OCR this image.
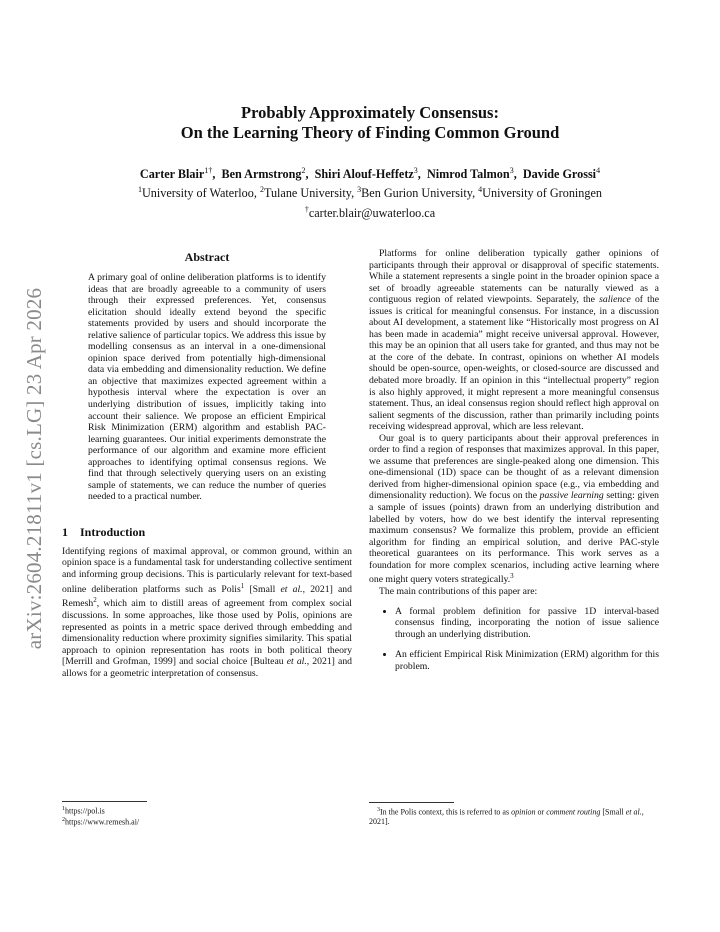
arXiv:2604.21811v1 [cs.LG] 23 Apr 2026
Probably Approximately Consensus:
On the Learning Theory of Finding Common Ground
Carter Blair$^{1\dagger}$,  Ben Armstrong$^2$,  Shiri Alouf-Heffetz$^3$,  Nimrod Talmon$^3$,  Davide Grossi$^4$
$^1$University of Waterloo, $^2$Tulane University, $^3$Ben Gurion University, $^4$University of Groningen
†carter.blair@uwaterloo.ca
Abstract
A primary goal of online deliberation platforms is to identify ideas that are broadly agreeable to a community of users through their expressed preferences. Yet, consensus elicitation should ideally extend beyond the specific statements provided by users and should incorporate the relative salience of particular topics. We address this issue by modelling consensus as an interval in a one-dimensional opinion space derived from potentially high-dimensional data via embedding and dimensionality reduction. We define an objective that maximizes expected agreement within a hypothesis interval where the expectation is over an underlying distribution of issues, implicitly taking into account their salience. We propose an efficient Empirical Risk Minimization (ERM) algorithm and establish PAC-learning guarantees. Our initial experiments demonstrate the performance of our algorithm and examine more efficient approaches to identifying optimal consensus regions. We find that through selectively querying users on an existing sample of statements, we can reduce the number of queries needed to a practical number.
1 Introduction

Identifying regions of maximal approval, or common ground, within an opinion space is a fundamental task for understanding collective sentiment and informing group decisions. This is particularly relevant for text-based online deliberation platforms such as Polis$^1$ [Small et al., 2021] and Remesh$^2$, which aim to distill areas of agreement from complex social discussions. In some approaches, like those used by Polis, opinions are represented as points in a metric space derived through embedding and dimensionality reduction where proximity signifies similarity. This spatial approach to opinion representation has roots in both political theory [Merrill and Grofman, 1999] and social choice [Bulteau et al., 2021] and allows for a geometric interpretation of consensus.

$^1$https://pol.is
$^2$https://www.remesh.ai/

Platforms for online deliberation typically gather opinions of participants through their approval or disapproval of specific statements. While a statement represents a single point in the broader opinion space a set of broadly agreeable statements can be naturally viewed as a contiguous region of related viewpoints. Separately, the salience of the issues is critical for meaningful consensus. For instance, in a discussion about AI development, a statement like “Historically most progress on AI has been made in academia” might receive universal approval. However, this may be an opinion that all users take for granted, and thus may not be at the core of the debate. In contrast, opinions on whether AI models should be open-source, open-weights, or closed-source are discussed and debated more broadly. If an opinion in this “intellectual property” region is also highly approved, it might represent a more meaningful consensus statement. Thus, an ideal consensus region should reflect high approval on salient segments of the discussion, rather than primarily including points receiving widespread approval, which are less relevant.

Our goal is to query participants about their approval preferences in order to find a region of responses that maximizes approval. In this paper, we assume that preferences are single-peaked along one dimension. This one-dimensional (1D) space can be thought of as a relevant dimension derived from higher-dimensional opinion space (e.g., via embedding and dimensionality reduction). We focus on the passive learning setting: given a sample of issues (points) drawn from an underlying distribution and labelled by voters, how do we best identify the interval representing maximum consensus? We formalize this problem, provide an efficient algorithm for finding an empirical solution, and derive PAC-style theoretical guarantees on its performance. This work serves as a foundation for more complex scenarios, including active learning where one might query voters strategically.$^3$

The main contributions of this paper are:

• A formal problem definition for passive 1D interval-based consensus finding, incorporating the notion of issue salience through an underlying distribution.
• An efficient Empirical Risk Minimization (ERM) algorithm for this problem.
$^3$In the Polis context, this is referred to as opinion or comment routing [Small et al., 2021].
